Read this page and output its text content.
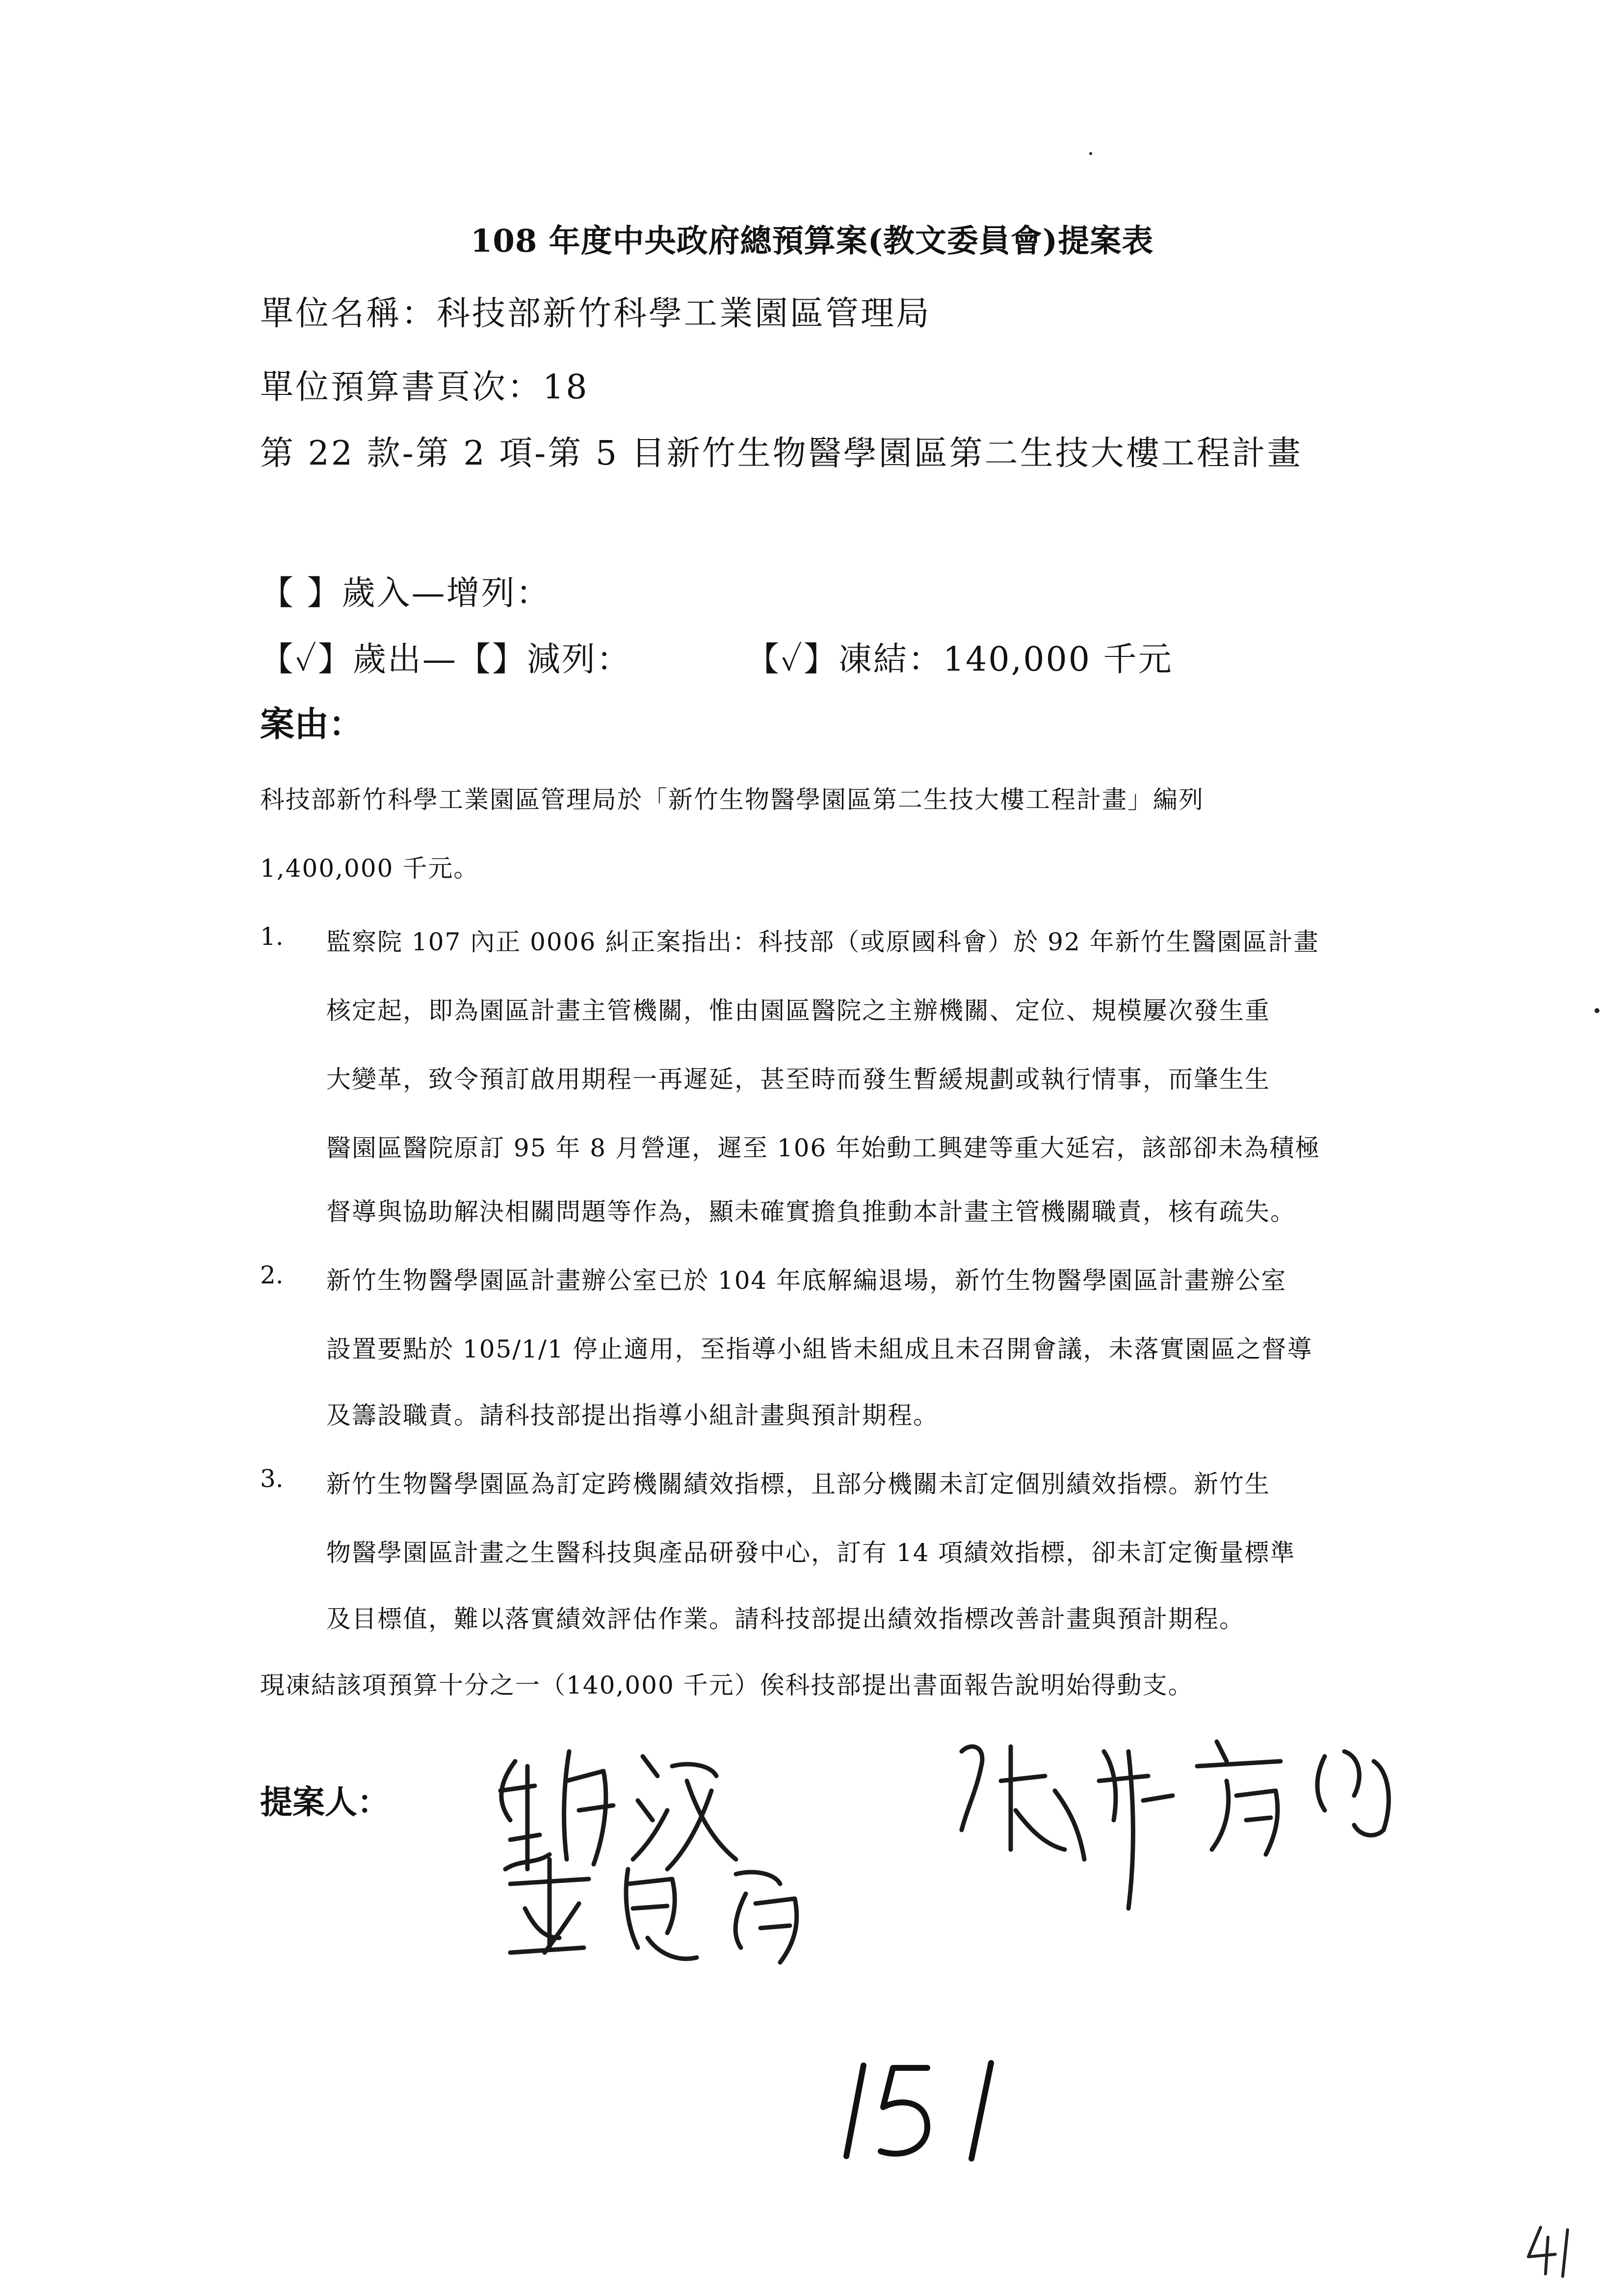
108 年度中央政府總預算案(教文委員會)提案表
單位名稱：科技部新竹科學工業園區管理局
單位預算書頁次：18
第 22 款-第 2 項-第 5 目新竹生物醫學園區第二生技大樓工程計畫
【 】歲入—增列：
【✓】歲出—【】減列：	【✓】凍結：140,000 千元
案由：
科技部新竹科學工業園區管理局於「新竹生物醫學園區第二生技大樓工程計畫」編列
1,400,000 千元。
1. 監察院 107 內正 0006 糾正案指出：科技部（或原國科會）於 92 年新竹生醫園區計畫
核定起，即為園區計畫主管機關，惟由園區醫院之主辦機關、定位、規模屢次發生重
大變革，致令預訂啟用期程一再遲延，甚至時而發生暫緩規劃或執行情事，而肇生生
醫園區醫院原訂 95 年 8 月營運，遲至 106 年始動工興建等重大延宕，該部卻未為積極
督導與協助解決相關問題等作為，顯未確實擔負推動本計畫主管機關職責，核有疏失。
2. 新竹生物醫學園區計畫辦公室已於 104 年底解編退場，新竹生物醫學園區計畫辦公室
設置要點於 105/1/1 停止適用，至指導小組皆未組成且未召開會議，未落實園區之督導
及籌設職責。請科技部提出指導小組計畫與預計期程。
3. 新竹生物醫學園區為訂定跨機關績效指標，且部分機關未訂定個別績效指標。新竹生
物醫學園區計畫之生醫科技與產品研發中心，訂有 14 項績效指標，卻未訂定衡量標準
及目標值，難以落實績效評估作業。請科技部提出績效指標改善計畫與預計期程。
現凍結該項預算十分之一（140,000 千元）俟科技部提出書面報告說明始得動支。
提案人：
